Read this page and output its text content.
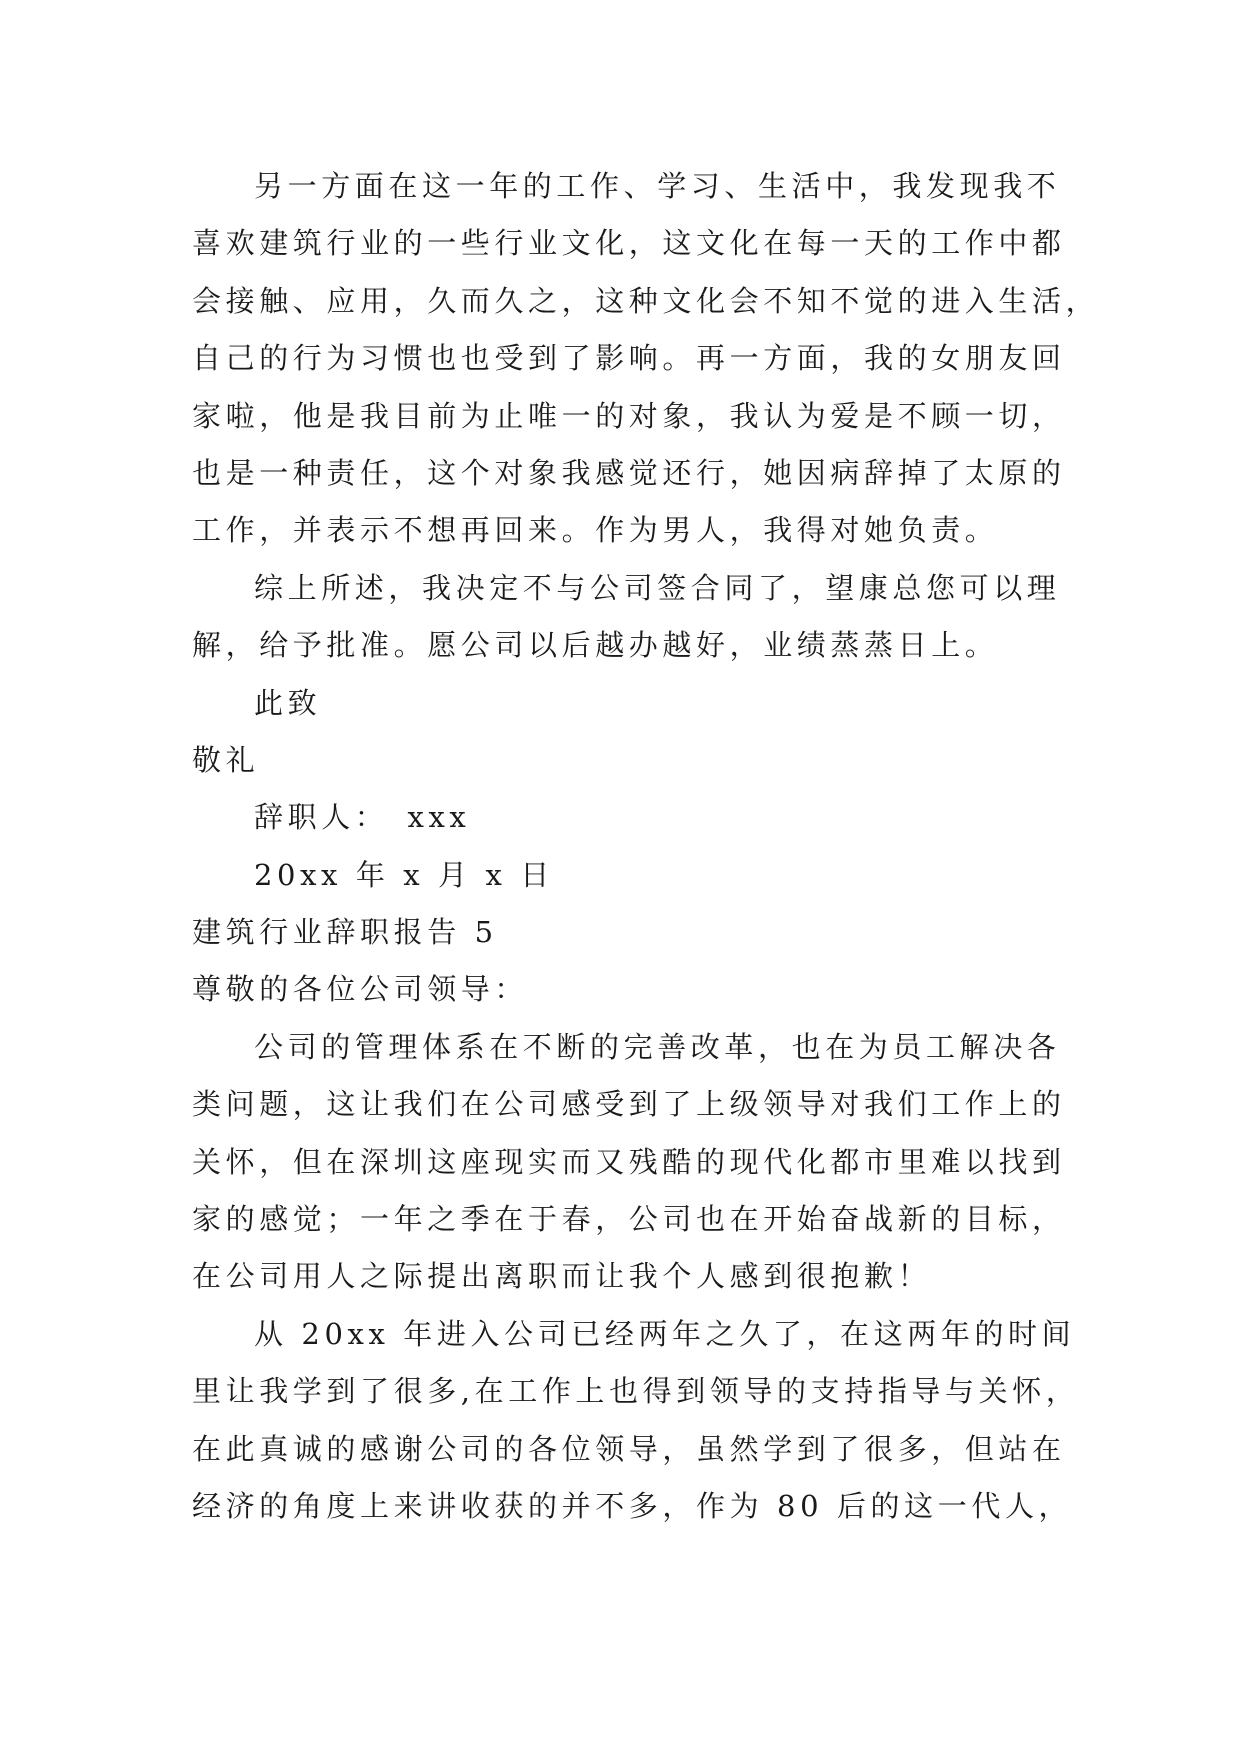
另一方面在这一年的工作、学习、生活中，我发现我不
喜欢建筑行业的一些行业文化，这文化在每一天的工作中都
会接触、应用，久而久之，这种文化会不知不觉的进入生活，
自己的行为习惯也也受到了影响。再一方面，我的女朋友回
家啦，他是我目前为止唯一的对象，我认为爱是不顾一切，
也是一种责任，这个对象我感觉还行，她因病辞掉了太原的
工作，并表示不想再回来。作为男人，我得对她负责。
综上所述，我决定不与公司签合同了，望康总您可以理
解，给予批准。愿公司以后越办越好，业绩蒸蒸日上。
此致
敬礼
辞职人：　xxx
20xx 年 x 月 x 日
建筑行业辞职报告 5
尊敬的各位公司领导：
公司的管理体系在不断的完善改革，也在为员工解决各
类问题，这让我们在公司感受到了上级领导对我们工作上的
关怀，但在深圳这座现实而又残酷的现代化都市里难以找到
家的感觉；一年之季在于春，公司也在开始奋战新的目标，
在公司用人之际提出离职而让我个人感到很抱歉！
从 20xx 年进入公司已经两年之久了，在这两年的时间
里让我学到了很多,在工作上也得到领导的支持指导与关怀，
在此真诚的感谢公司的各位领导，虽然学到了很多，但站在
经济的角度上来讲收获的并不多，作为 80 后的这一代人，
